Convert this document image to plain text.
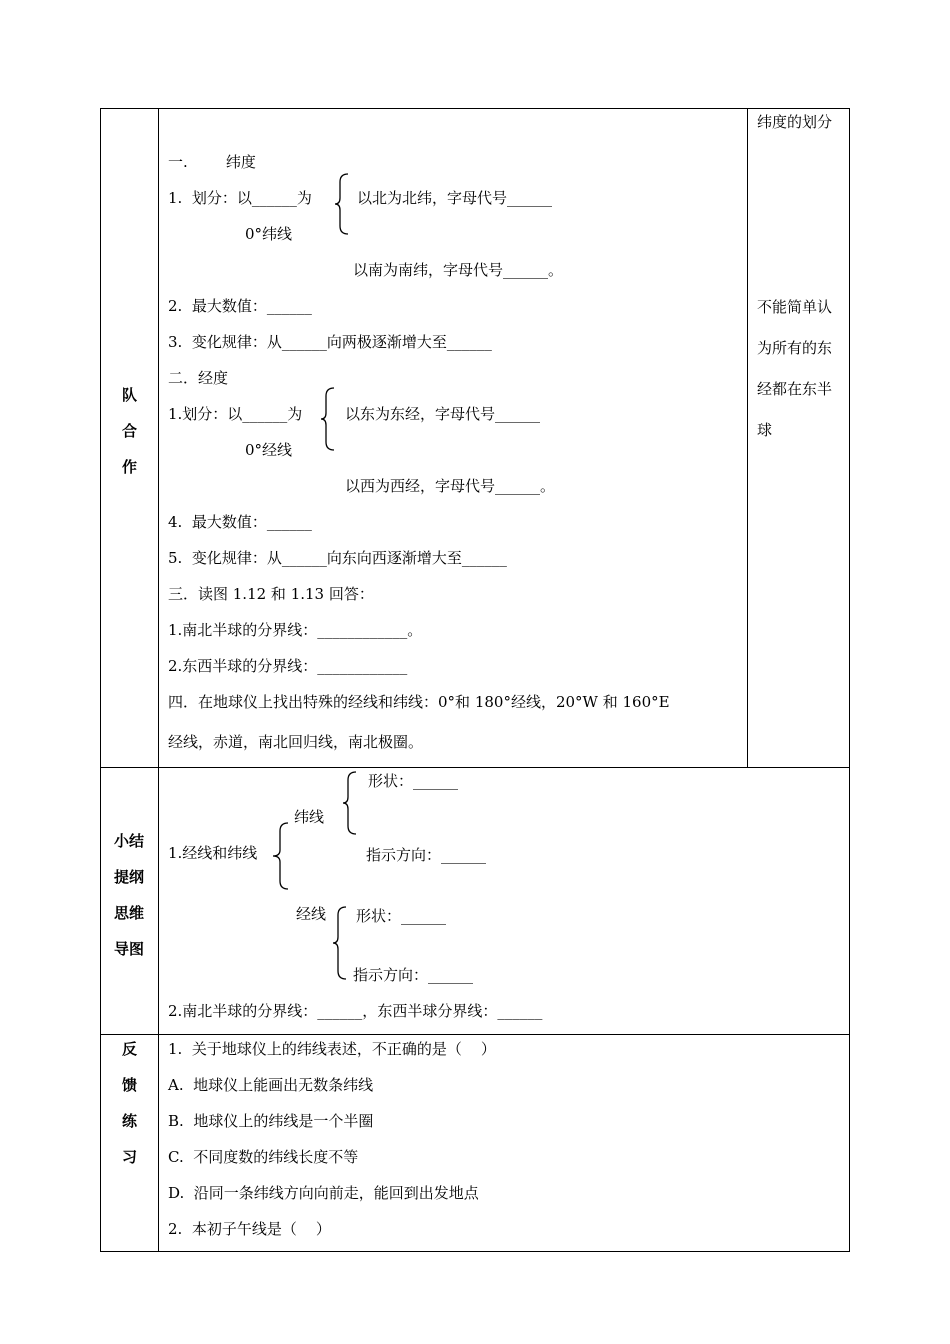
队
合
作
一.        纬度
1.  划分：以______为	以北为北纬，字母代号______
0°纬线
以南为南纬，字母代号______。
2.  最大数值：______
3.  变化规律：从______向两极逐渐增大至______
二．经度
1.划分：以______为	以东为东经，字母代号______
0°经线
以西为西经，字母代号______。
4.  最大数值：______
5.  变化规律：从______向东向西逐渐增大至______
三．读图 1.12 和 1.13 回答：
1.南北半球的分界线：____________。
2.东西半球的分界线：____________
四．在地球仪上找出特殊的经线和纬线：0°和 180°经线，20°W 和 160°E
经线，赤道，南北回归线，南北极圈。
纬度的划分
不能简单认
为所有的东
经都在东半
球
小结
提纲
思维
导图
形状：______
纬线
1.经线和纬线	指示方向：______
经线 形状：______
指示方向：______
2.南北半球的分界线：______，东西半球分界线：______
反
馈
练
习
1.  关于地球仪上的纬线表述，不正确的是（    ）
A.  地球仪上能画出无数条纬线
B.  地球仪上的纬线是一个半圈
C.  不同度数的纬线长度不等
D.  沿同一条纬线方向向前走，能回到出发地点
2.  本初子午线是（    ）
